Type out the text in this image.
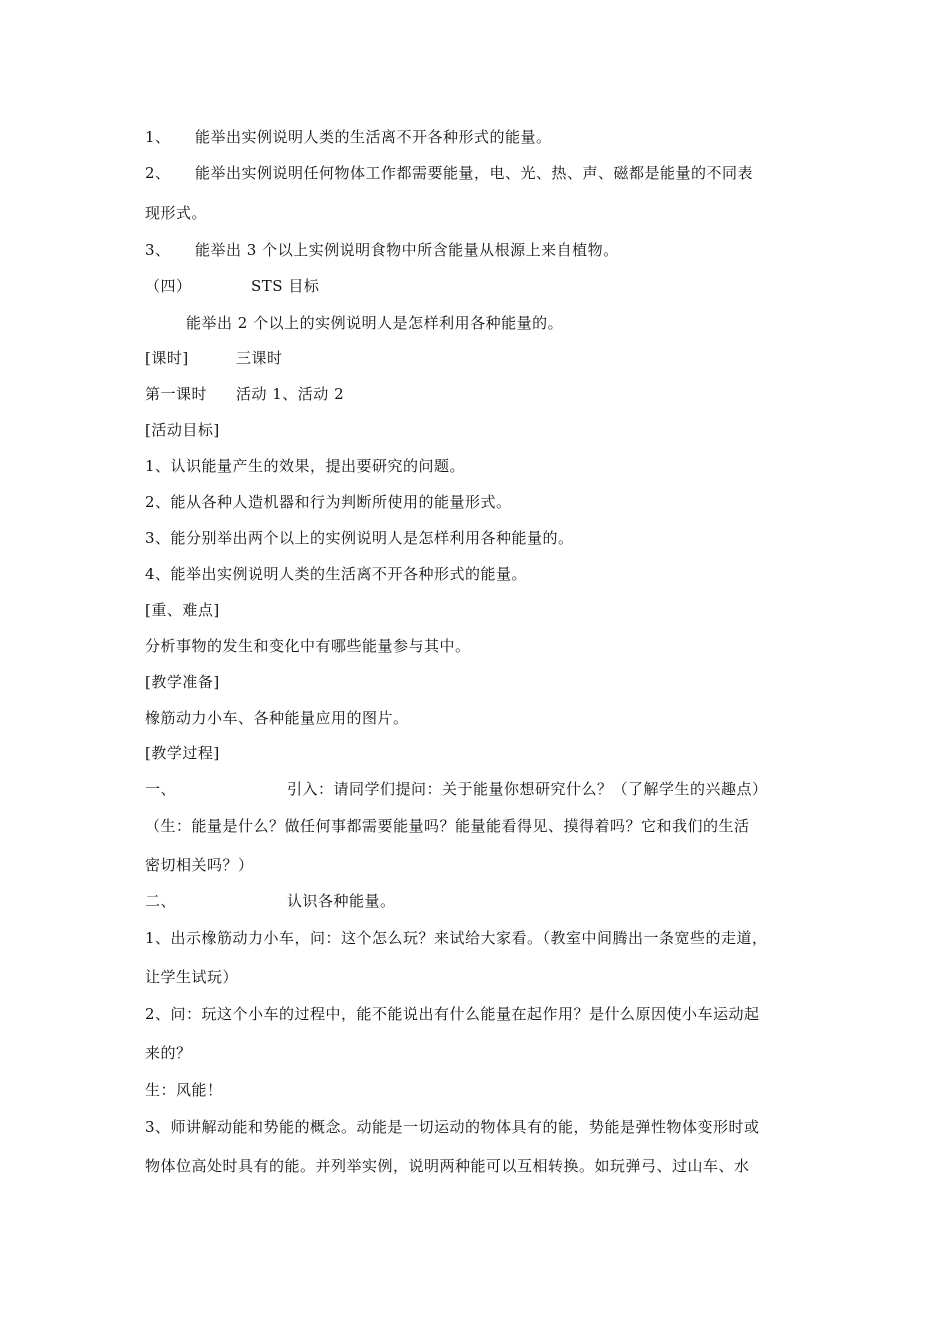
1、 能举出实例说明人类的生活离不开各种形式的能量。
2、 能举出实例说明任何物体工作都需要能量，电、光、热、声、磁都是能量的不同表
现形式。
3、 能举出 3 个以上实例说明食物中所含能量从根源上来自植物。
（四）	STS 目标
能举出 2 个以上的实例说明人是怎样利用各种能量的。
[课时]	三课时
第一课时 活动 1、活动 2
[活动目标]
1、认识能量产生的效果，提出要研究的问题。
2、能从各种人造机器和行为判断所使用的能量形式。
3、能分别举出两个以上的实例说明人是怎样利用各种能量的。
4、能举出实例说明人类的生活离不开各种形式的能量。
[重、难点]
分析事物的发生和变化中有哪些能量参与其中。
[教学准备]
橡筋动力小车、各种能量应用的图片。
[教学过程]
一、	引入：请同学们提问：关于能量你想研究什么？（了解学生的兴趣点）
（生：能量是什么？做任何事都需要能量吗？能量能看得见、摸得着吗？它和我们的生活
密切相关吗？）
二、	认识各种能量。
1、出示橡筋动力小车，问：这个怎么玩？来试给大家看。（教室中间腾出一条宽些的走道，
让学生试玩）
2、问：玩这个小车的过程中，能不能说出有什么能量在起作用？是什么原因使小车运动起
来的？
生：风能！
3、师讲解动能和势能的概念。动能是一切运动的物体具有的能，势能是弹性物体变形时或
物体位高处时具有的能。并列举实例，说明两种能可以互相转换。如玩弹弓、过山车、水
